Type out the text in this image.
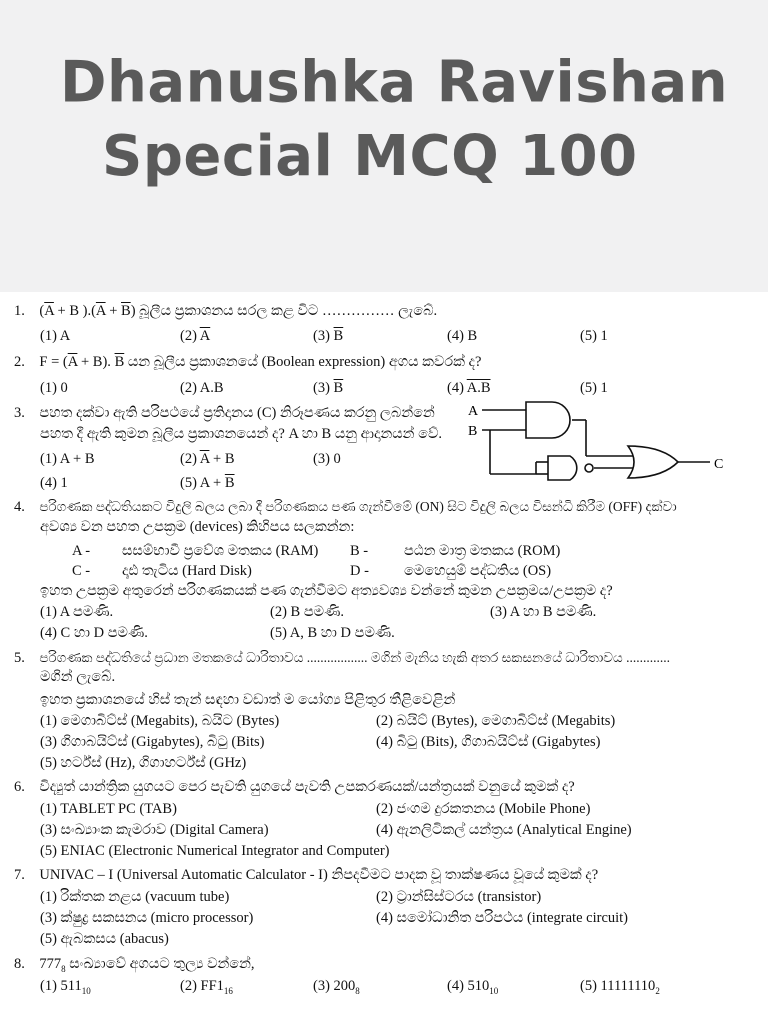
Dhanushka Ravishan
Special MCQ 100
1. ($\overline{A} + B$ )$.(\overline{A} + \overline{B})$ බූලීය ප්‍රකාශනය සරල කළ විට …………… ලැබේ.
(1) A	(2) $\overline{A}$	(3) $\overline{B}$	(4) B	(5) 1
2. $F = (\overline{A} + B)$. $\overline{B}$ යන බූලීය ප්‍රකාශනයේ (Boolean expression) අගය කවරක් ද?
(1) 0	(2) A.B	(3) $\overline{B}$	(4) A.B	(5) 1
3. පහත දක්වා ඇති පරිපථයේ ප්‍රතිදානය (C) නිරූපණය කරනු ලබන්නේ
පහත දී ඇති කුමන බූලීය ප්‍රකාශනයෙන් ද? A හා B යනු ආදානයන් වේ.
(1) A + B	(2) $\overline{A} + B$	(3) 0
(4) 1	(5) $A + \overline{B}$
A
B
C
4. පරිගණක පද්ධතියකට විදුලි බලය ලබා දී පරිගණකය පණ ගැන්වීමේ (ON) සිට විදුලි බලය විසන්ධි කිරීම (OFF) දක්වා
අවශ්‍ය වන පහත උපක්‍රම (devices) කිහිපය සලකන්න:
A - සසම්භාවී ප්‍රවේශ මතකය (RAM) B - පඨන මාත්‍ර මතකය (ROM)
C - දෘඪ තැටිය (Hard Disk)	D - මෙහෙයුම් පද්ධතිය (OS)
ඉහත උපක්‍රම අතුරෙන් පරිගණකයක් පණ ගැන්වීමට අත්‍යවශ්‍ය වන්නේ කුමන උපක්‍රමය/උපක්‍රම ද?
(1) A පමණි.	(2) B පමණි.	(3) A හා B පමණි.
(4) C හා D පමණි.	(5) A, B හා D පමණි.
5. පරිගණක පද්ධතියේ ප්‍රධාන මතකයේ ධාරිතාවය .................. මගින් මැනිය හැකි අතර සකසනයේ ධාරිතාවය .............
මගින් ලැබේ.
ඉහත ප්‍රකාශනයේ හිස් තැන් සඳහා වඩාත් ම යෝග්‍ය පිළිතුර තීළිවෙළින්
(1) මෙගාබිට්ස් (Megabits), බයිට (Bytes)	(2) බයිට් (Bytes), මෙගාබිට්ස් (Megabits)
(3) ගිගාබයිට්ස් (Gigabytes), බිටු (Bits)	(4) බිටු (Bits), ගිගාබයිට්ස් (Gigabytes)
(5) හර්ට්ස් (Hz), ගිගාහර්ට්ස් (GHz)
6. විද්‍යුත් යාන්ත්‍රික යුගයට පෙර පැවති යුගයේ පැවති උපකරණයක්/යන්ත්‍රයක් වනුයේ කුමක් ද?
(1) TABLET PC (TAB)	(2) ජංගම දුරකතනය (Mobile Phone)
(3) සංඛ්‍යාංක කැමරාව (Digital Camera)	(4) ඇනලිටිකල් යන්ත්‍රය (Analytical Engine)
(5) ENIAC (Electronic Numerical Integrator and Computer)
7. UNIVAC – I (Universal Automatic Calculator - I) නිපදවීමට පාදක වූ තාක්ෂණය වූයේ කුමක් ද?
(1) රික්තක නළය (vacuum tube)	(2) ට්‍රාන්සිස්ටරය (transistor)
(3) ක්ෂුද්‍ර සකසනය (micro processor)	(4) සමෝධානිත පරිපථය (integrate circuit)
(5) ඇබකසය (abacus)
8. $777_8$ සංඛ්‍යාවේ අගයට තුල්‍ය වන්නේ,
(1) $511_{10}$	(2) $FF1_{16}$	(3) $200_8$	(4) $510_{10}$	(5) $11111110_2$
